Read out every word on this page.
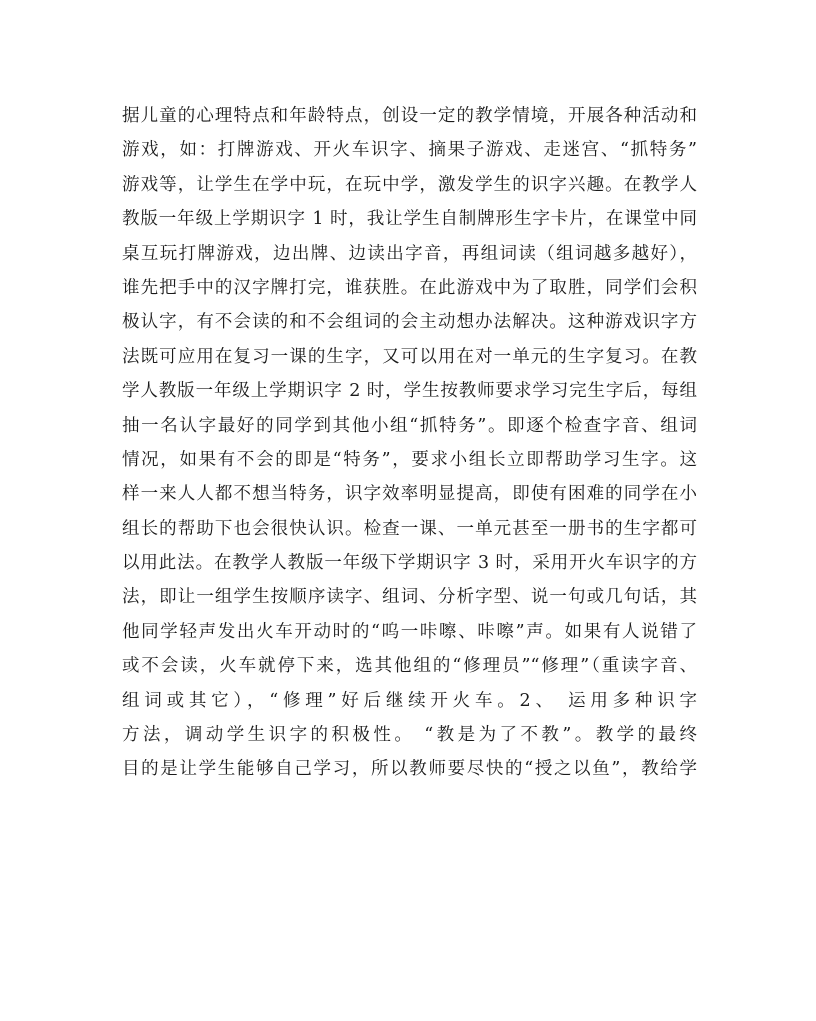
据儿童的心理特点和年龄特点，创设一定的教学情境，开展各种活动和
游戏，如：打牌游戏、开火车识字、摘果子游戏、走迷宫、“抓特务”
游戏等，让学生在学中玩，在玩中学，激发学生的识字兴趣。在教学人
教版一年级上学期识字 1 时，我让学生自制牌形生字卡片，在课堂中同
桌互玩打牌游戏，边出牌、边读出字音，再组词读（组词越多越好），
谁先把手中的汉字牌打完，谁获胜。在此游戏中为了取胜，同学们会积
极认字，有不会读的和不会组词的会主动想办法解决。这种游戏识字方
法既可应用在复习一课的生字，又可以用在对一单元的生字复习。在教
学人教版一年级上学期识字 2 时，学生按教师要求学习完生字后，每组
抽一名认字最好的同学到其他小组“抓特务”。即逐个检查字音、组词
情况，如果有不会的即是“特务”，要求小组长立即帮助学习生字。这
样一来人人都不想当特务，识字效率明显提高，即使有困难的同学在小
组长的帮助下也会很快认识。检查一课、一单元甚至一册书的生字都可
以用此法。在教学人教版一年级下学期识字 3 时，采用开火车识字的方
法，即让一组学生按顺序读字、组词、分析字型、说一句或几句话，其
他同学轻声发出火车开动时的“呜一咔嚓、咔嚓”声。如果有人说错了
或不会读，火车就停下来，选其他组的“修理员”“修理”（重读字音、
组词或其它），“修理”好后继续开火车。2、 运用多种识字
方法，调动学生识字的积极性。 “教是为了不教”。教学的最终
目的是让学生能够自己学习，所以教师要尽快的“授之以鱼”，教给学
